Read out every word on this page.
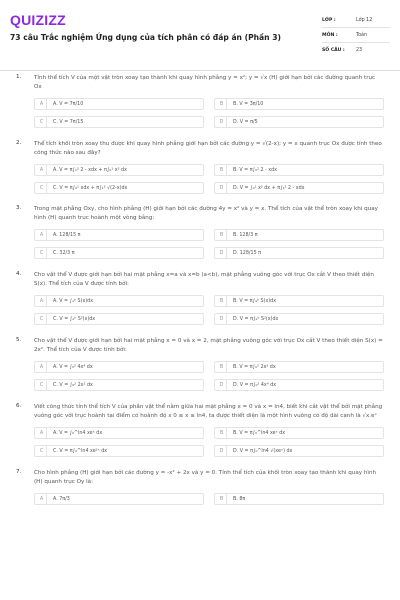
QUIZIZZ
73 câu Trắc nghiệm Ứng dụng của tích phân có đáp án (Phần 3)
LỚP :	Lớp 12
MÔN :	Toán
SỐ CÂU :	23
1.	Tính thể tích V của một vật tròn xoay tạo thành khi quay hình phẳng y = x²; y = √x (H) giới hạn bởi các đường quanh trục Ox
A	A. V = 7π/10	B	B. V = 3π/10
C	C. V = 7π/15	D	D. V = π/5
2.	Thể tích khối tròn xoay thu được khi quay hình phẳng giới hạn bởi các đường y = √(2-x); y = x quanh trục Ox được tính theo công thức nào sau đây?
A	A. V = π∫₁² 2 - xdx + π∫₀¹ x² dx	B	B. V = π∫₀² 2 - xdx
C	C. V = π∫₀¹ xdx + π∫₁² √(2-x)dx	D	D. V = ∫₀¹ x² dx + π∫₁² 2 - xdx
3.	Trong mặt phẳng Oxy, cho hình phẳng (H) giới hạn bởi các đường 4y = x² và y = x. Thể tích của vật thể tròn xoay khi quay hình (H) quanh trục hoành một vòng bằng:
A	A. 128/15 π	B	B. 128/3 π
C	C. 32/3 π	D	D. 128/15 π
4.	Cho vật thể V được giới hạn bởi hai mặt phẳng x=a và x=b (a<b), mặt phẳng vuông góc với trục Ox cắt V theo thiết diện S(x). Thể tích của V được tính bởi:
A	A. V = ∫ₐᵇ S(x)dx	B	B. V = π∫ₐᵇ S(x)dx
C	C. V = ∫ₐᵇ S²(x)dx	D	D. V = π∫ₐᵇ S²(x)dx
5.	Cho vật thể V được giới hạn bởi hai mặt phẳng x = 0 và x = 2, mặt phẳng vuông góc với trục Ox cắt V theo thiết diện S(x) = 2x². Thể tích của V được tính bởi:
A	A. V = ∫₀² 4x⁴ dx	B	B. V = π∫₀² 2x² dx
C	C. V = ∫₀² 2x² dx	D	D. V = π∫₀² 4x⁴ dx
6.	Viết công thức tính thể tích V của phần vật thể nằm giữa hai mặt phẳng x = 0 và x = ln4, biết khi cắt vật thể bởi mặt phẳng vuông góc với trục hoành tại điểm có hoành độ x 0 ≤ x ≤ ln4, ta được thiết diện là một hình vuông có độ dài cạnh là √x.eˣ
A	A. V = ∫₀^ln4 xeˣ dx	B	B. V = π∫₀^ln4 xeˣ dx
C	C. V = π∫₀^ln4 xe²ˣ dx	D	D. V = π∫₀^ln4 √(xeˣ) dx
7.	Cho hình phẳng (H) giới hạn bởi các đường y = -x² + 2x và y = 0. Tính thể tích của khối tròn xoay tạo thành khi quay hình (H) quanh trục Oy là:
A	A. 7π/3	B	B. 8π
